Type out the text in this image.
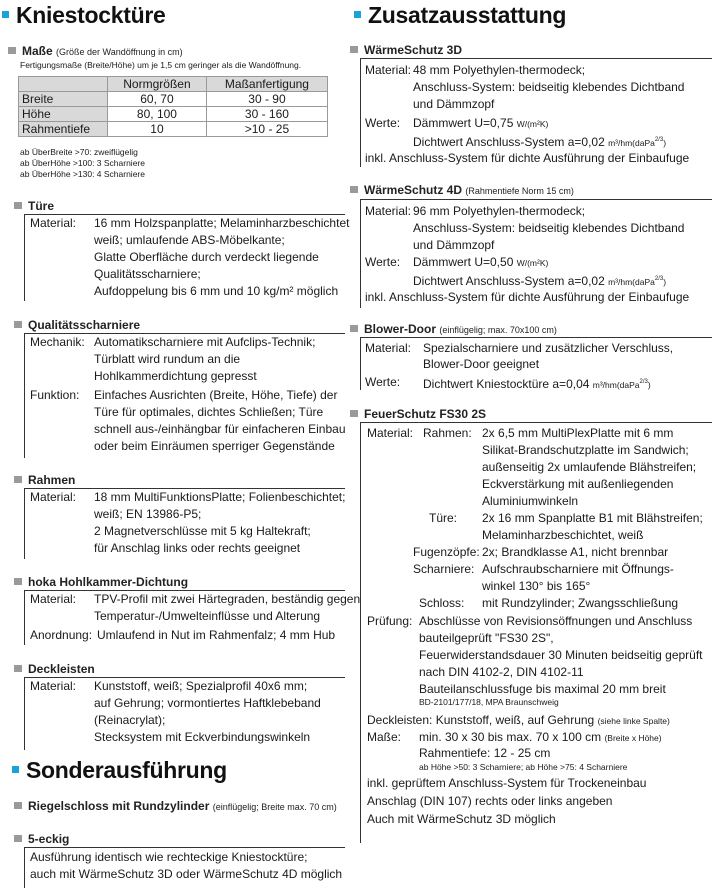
Kniestocktüre
Maße (Größe der Wandöffnung in cm)
Fertigungsmaße (Breite/Höhe) um je 1,5 cm geringer als die Wandöffnung.
	Normgrößen	Maßanfertigung
Breite	60, 70	30 - 90
Höhe	80, 100	30 - 160
Rahmentiefe	10	>10 - 25
ab ÜberBreite >70: zweiflügelig
ab ÜberHöhe >100: 3 Scharniere
ab ÜberHöhe >130: 4 Scharniere
Türe
Material: 16 mm Holzspanplatte; Melaminharzbeschichtet
weiß; umlaufende ABS-Möbelkante;
Glatte Oberfläche durch verdeckt liegende
Qualitätsscharniere;
Aufdoppelung bis 6 mm und 10 kg/m² möglich
Qualitätsscharniere
Mechanik: Automatikscharniere mit Aufclips-Technik;
Türblatt wird rundum an die
Hohlkammerdichtung gepresst
Funktion: Einfaches Ausrichten (Breite, Höhe, Tiefe) der
Türe für optimales, dichtes Schließen; Türe
schnell aus-/einhängbar für einfacheren Einbau
oder beim Einräumen sperriger Gegenstände
Rahmen
Material: 18 mm MultiFunktionsPlatte; Folienbeschichtet;
weiß; EN 13986-P5;
2 Magnetverschlüsse mit 5 kg Haltekraft;
für Anschlag links oder rechts geeignet
hoka Hohlkammer-Dichtung
Material: TPV-Profil mit zwei Härtegraden, beständig gegen
Temperatur-/Umwelteinflüsse und Alterung
Anordnung: Umlaufend in Nut im Rahmenfalz; 4 mm Hub
Deckleisten
Material: Kunststoff, weiß; Spezialprofil 40x6 mm;
auf Gehrung; vormontiertes Haftklebeband
(Reinacrylat);
Stecksystem mit Eckverbindungswinkeln
Sonderausführung
Riegelschloss mit Rundzylinder (einflügelig; Breite max. 70 cm)
5-eckig
Ausführung identisch wie rechteckige Kniestocktüre;
auch mit WärmeSchutz 3D oder WärmeSchutz 4D möglich
Zusatzausstattung
WärmeSchutz 3D
Material: 48 mm Polyethylen-thermodeck;
Anschluss-System: beidseitig klebendes Dichtband
und Dämmzopf
Werte: Dämmwert U=0,75 W/(m²K)
Dichtwert Anschluss-System a=0,02 m³/hm(daPa$^{2/3}$)
inkl. Anschluss-System für dichte Ausführung der Einbaufuge
WärmeSchutz 4D (Rahmentiefe Norm 15 cm)
Material: 96 mm Polyethylen-thermodeck;
Anschluss-System: beidseitig klebendes Dichtband
und Dämmzopf
Werte: Dämmwert U=0,50 W/(m²K)
Dichtwert Anschluss-System a=0,02 m³/hm(daPa$^{2/3}$)
inkl. Anschluss-System für dichte Ausführung der Einbaufuge
Blower-Door (einflügelig; max. 70x100 cm)
Material: Spezialscharniere und zusätzlicher Verschluss,
Blower-Door geeignet
Werte: Dichtwert Kniestocktüre a=0,04 m³/hm(daPa$^{2/3}$)
FeuerSchutz FS30 2S
Material: Rahmen: 2x 6,5 mm MultiPlexPlatte mit 6 mm
Silikat-Brandschutzplatte im Sandwich;
außenseitig 2x umlaufende Blähstreifen;
Eckverstärkung mit außenliegenden
Aluminiumwinkeln
Türe: 2x 16 mm Spanplatte B1 mit Blähstreifen;
Melaminharzbeschichtet, weiß
Fugenzöpfe: 2x; Brandklasse A1, nicht brennbar
Scharniere: Aufschraubscharniere mit Öffnungs-
winkel 130° bis 165°
Schloss: mit Rundzylinder; Zwangsschließung
Prüfung: Abschlüsse von Revisionsöffnungen und Anschluss
bauteilgeprüft "FS30 2S",
Feuerwiderstandsdauer 30 Minuten beidseitig geprüft
nach DIN 4102-2, DIN 4102-11
Bauteilanschlussfuge bis maximal 20 mm breit
BD-2101/177/18, MPA Braunschweig
Deckleisten: Kunststoff, weiß, auf Gehrung (siehe linke Spalte)
Maße: min. 30 x 30 bis max. 70 x 100 cm (Breite x Höhe)
Rahmentiefe: 12 - 25 cm
ab Höhe >50: 3 Scharniere; ab Höhe >75: 4 Scharniere
inkl. geprüftem Anschluss-System für Trockeneinbau
Anschlag (DIN 107) rechts oder links angeben
Auch mit WärmeSchutz 3D möglich
